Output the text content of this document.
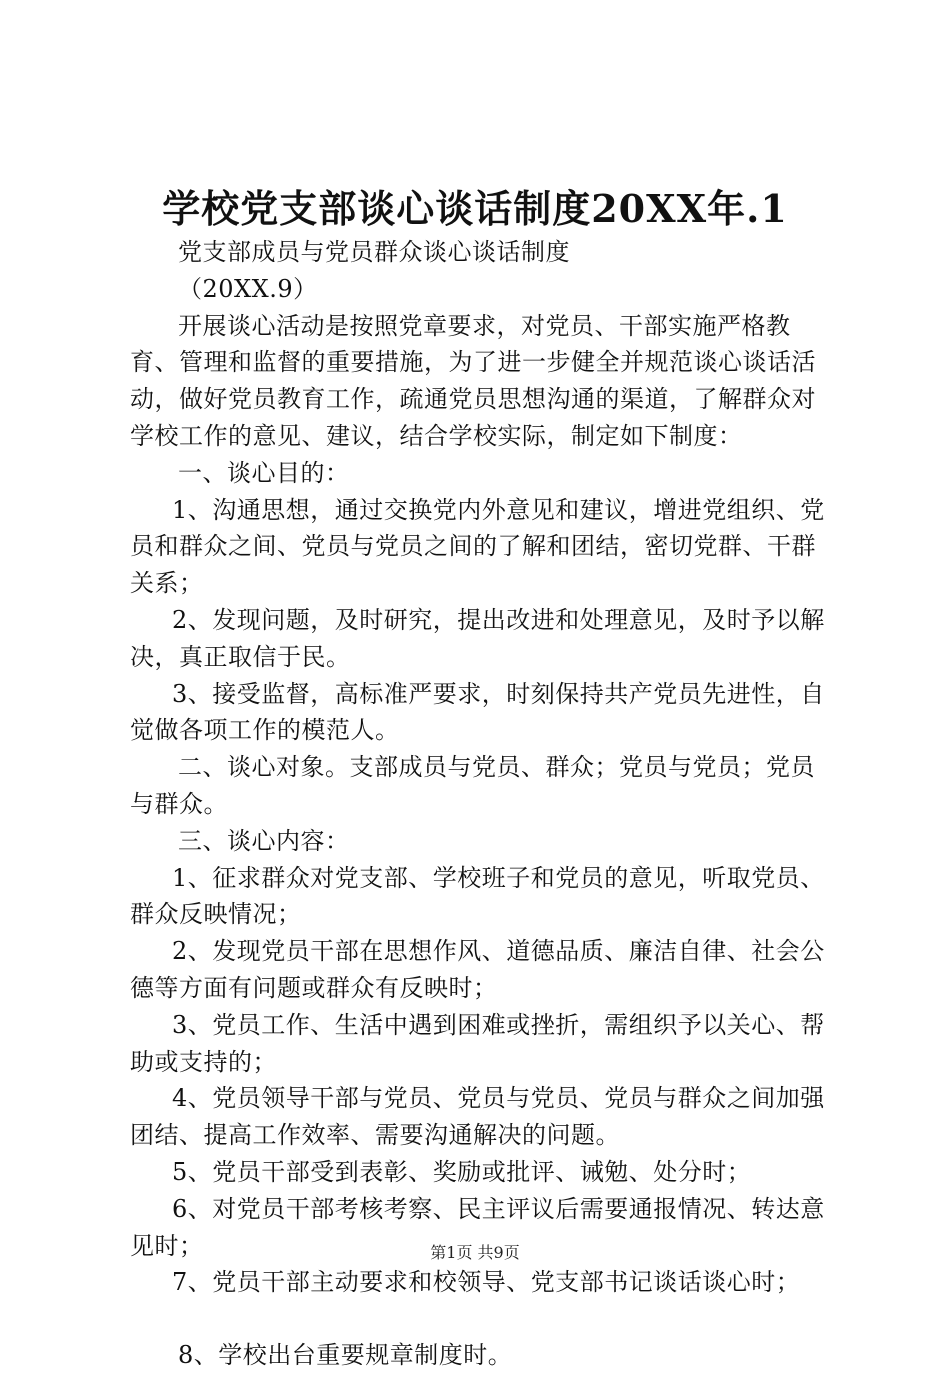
学校党支部谈心谈话制度20XX年.1

党支部成员与党员群众谈心谈话制度

（20XX.9）

开展谈心活动是按照党章要求，对党员、干部实施严格教育、管理和监督的重要措施，为了进一步健全并规范谈心谈话活动，做好党员教育工作，疏通党员思想沟通的渠道，了解群众对学校工作的意见、建议，结合学校实际，制定如下制度：

一、谈心目的：

1、沟通思想，通过交换党内外意见和建议，增进党组织、党员和群众之间、党员与党员之间的了解和团结，密切党群、干群关系；

2、发现问题，及时研究，提出改进和处理意见，及时予以解决，真正取信于民。

3、接受监督，高标准严要求，时刻保持共产党员先进性，自觉做各项工作的模范人。

二、谈心对象。支部成员与党员、群众；党员与党员；党员与群众。

三、谈心内容：

1、征求群众对党支部、学校班子和党员的意见，听取党员、群众反映情况；

2、发现党员干部在思想作风、道德品质、廉洁自律、社会公德等方面有问题或群众有反映时；

3、党员工作、生活中遇到困难或挫折，需组织予以关心、帮助或支持的；

4、党员领导干部与党员、党员与党员、党员与群众之间加强团结、提高工作效率、需要沟通解决的问题。

5、党员干部受到表彰、奖励或批评、诫勉、处分时；

6、对党员干部考核考察、民主评议后需要通报情况、转达意见时；

7、党员干部主动要求和校领导、党支部书记谈话谈心时；

8、学校出台重要规章制度时。

第1页 共9页
